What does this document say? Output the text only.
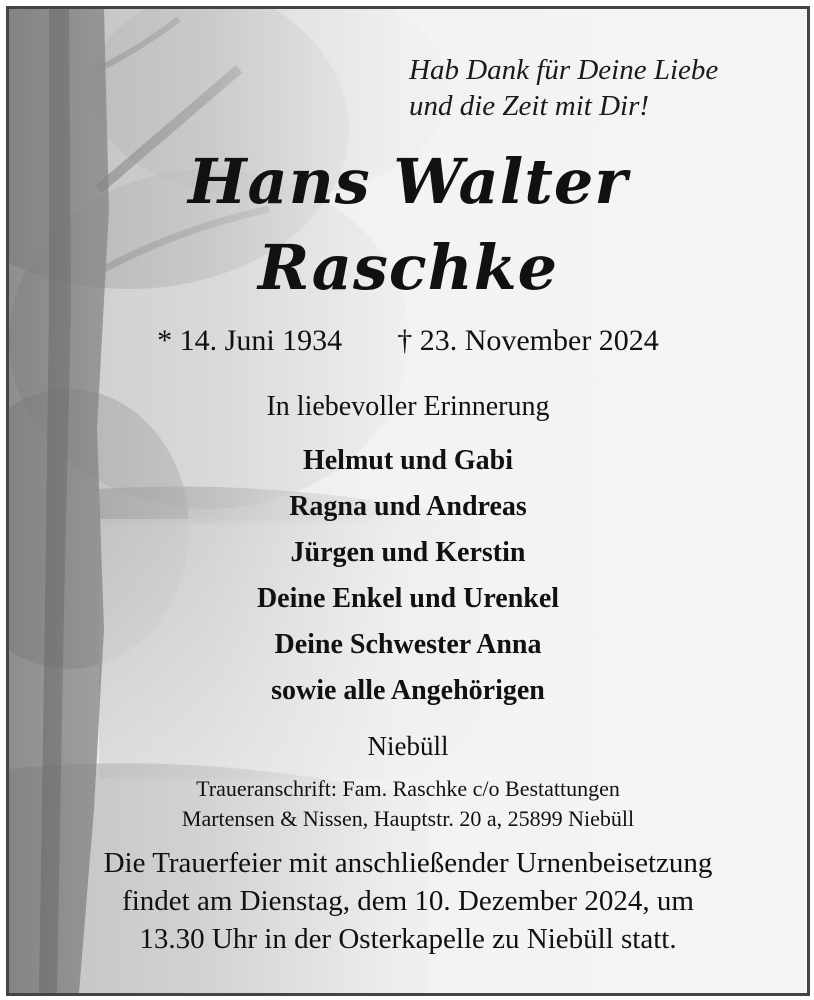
Hab Dank für Deine Liebe
und die Zeit mit Dir!
Hans Walter
Raschke
* 14. Juni 1934 † 23. November 2024
In liebevoller Erinnerung
Helmut und Gabi
Ragna und Andreas
Jürgen und Kerstin
Deine Enkel und Urenkel
Deine Schwester Anna
sowie alle Angehörigen
Niebüll
Traueranschrift: Fam. Raschke c/o Bestattungen
Martensen & Nissen, Hauptstr. 20 a, 25899 Niebüll
Die Trauerfeier mit anschließender Urnenbeisetzung
findet am Dienstag, dem 10. Dezember 2024, um
13.30 Uhr in der Osterkapelle zu Niebüll statt.
